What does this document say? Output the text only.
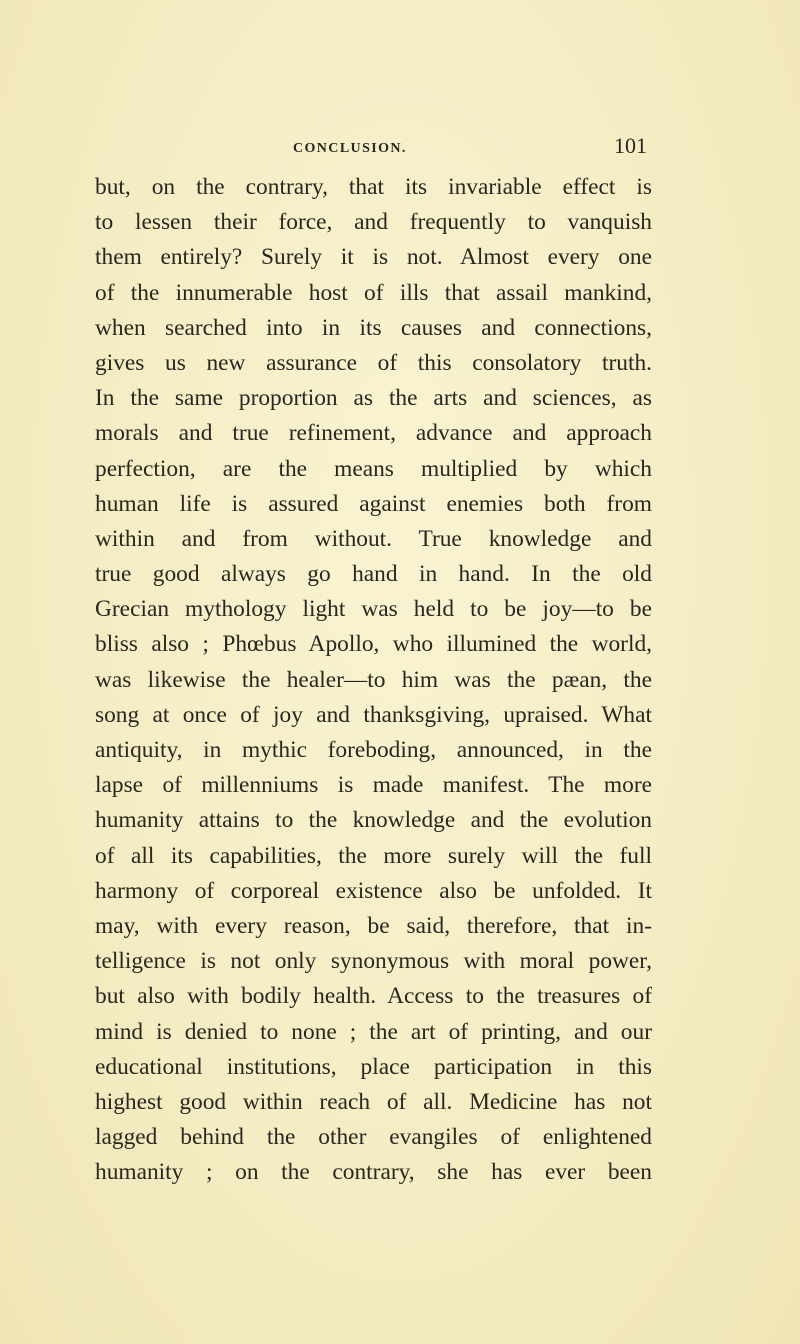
CONCLUSION.	101
but, on the contrary, that its invariable effect is
to lessen their force, and frequently to vanquish
them entirely? Surely it is not. Almost every one
of the innumerable host of ills that assail mankind,
when searched into in its causes and connections,
gives us new assurance of this consolatory truth.
In the same proportion as the arts and sciences, as
morals and true refinement, advance and approach
perfection, are the means multiplied by which
human life is assured against enemies both from
within and from without. True knowledge and
true good always go hand in hand. In the old
Grecian mythology light was held to be joy—to be
bliss also ; Phœbus Apollo, who illumined the world,
was likewise the healer—to him was the pæan, the
song at once of joy and thanksgiving, upraised. What
antiquity, in mythic foreboding, announced, in the
lapse of millenniums is made manifest. The more
humanity attains to the knowledge and the evolution
of all its capabilities, the more surely will the full
harmony of corporeal existence also be unfolded. It
may, with every reason, be said, therefore, that in-
telligence is not only synonymous with moral power,
but also with bodily health. Access to the treasures of
mind is denied to none ; the art of printing, and our
educational institutions, place participation in this
highest good within reach of all. Medicine has not
lagged behind the other evangiles of enlightened
humanity ; on the contrary, she has ever been
